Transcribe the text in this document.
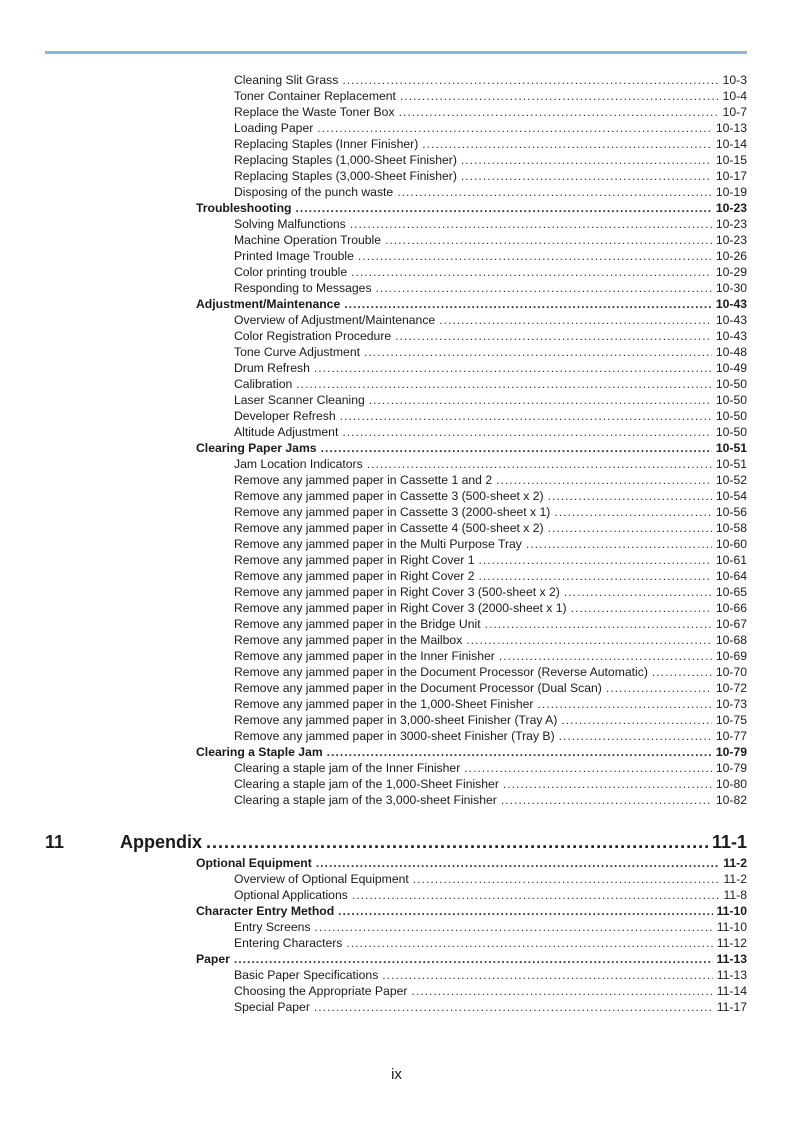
Cleaning Slit Grass .....	10-3
Toner Container Replacement .....	10-4
Replace the Waste Toner Box .....	10-7
Loading Paper .....	10-13
Replacing Staples (Inner Finisher) .....	10-14
Replacing Staples (1,000-Sheet Finisher) .....	10-15
Replacing Staples (3,000-Sheet Finisher) .....	10-17
Disposing of the punch waste .....	10-19
Troubleshooting .....	10-23
Solving Malfunctions .....	10-23
Machine Operation Trouble .....	10-23
Printed Image Trouble .....	10-26
Color printing trouble .....	10-29
Responding to Messages .....	10-30
Adjustment/Maintenance .....	10-43
Overview of Adjustment/Maintenance .....	10-43
Color Registration Procedure .....	10-43
Tone Curve Adjustment .....	10-48
Drum Refresh .....	10-49
Calibration .....	10-50
Laser Scanner Cleaning .....	10-50
Developer Refresh .....	10-50
Altitude Adjustment .....	10-50
Clearing Paper Jams .....	10-51
Jam Location Indicators .....	10-51
Remove any jammed paper in Cassette 1 and 2 .....	10-52
Remove any jammed paper in Cassette 3 (500-sheet x 2) .....	10-54
Remove any jammed paper in Cassette 3 (2000-sheet x 1) .....	10-56
Remove any jammed paper in Cassette 4 (500-sheet x 2) .....	10-58
Remove any jammed paper in the Multi Purpose Tray .....	10-60
Remove any jammed paper in Right Cover 1 .....	10-61
Remove any jammed paper in Right Cover 2 .....	10-64
Remove any jammed paper in Right Cover 3 (500-sheet x 2) .....	10-65
Remove any jammed paper in Right Cover 3 (2000-sheet x 1) .....	10-66
Remove any jammed paper in the Bridge Unit .....	10-67
Remove any jammed paper in the Mailbox .....	10-68
Remove any jammed paper in the Inner Finisher .....	10-69
Remove any jammed paper in the Document Processor (Reverse Automatic) .....	10-70
Remove any jammed paper in the Document Processor (Dual Scan) .....	10-72
Remove any jammed paper in the 1,000-Sheet Finisher .....	10-73
Remove any jammed paper in 3,000-sheet Finisher (Tray A) .....	10-75
Remove any jammed paper in 3000-sheet Finisher (Tray B) .....	10-77
Clearing a Staple Jam .....	10-79
Clearing a staple jam of the Inner Finisher .....	10-79
Clearing a staple jam of the 1,000-Sheet Finisher .....	10-80
Clearing a staple jam of the 3,000-sheet Finisher .....	10-82
11	Appendix .....	11-1
Optional Equipment .....	11-2
Overview of Optional Equipment .....	11-2
Optional Applications .....	11-8
Character Entry Method .....	11-10
Entry Screens .....	11-10
Entering Characters .....	11-12
Paper .....	11-13
Basic Paper Specifications .....	11-13
Choosing the Appropriate Paper .....	11-14
Special Paper .....	11-17
ix
